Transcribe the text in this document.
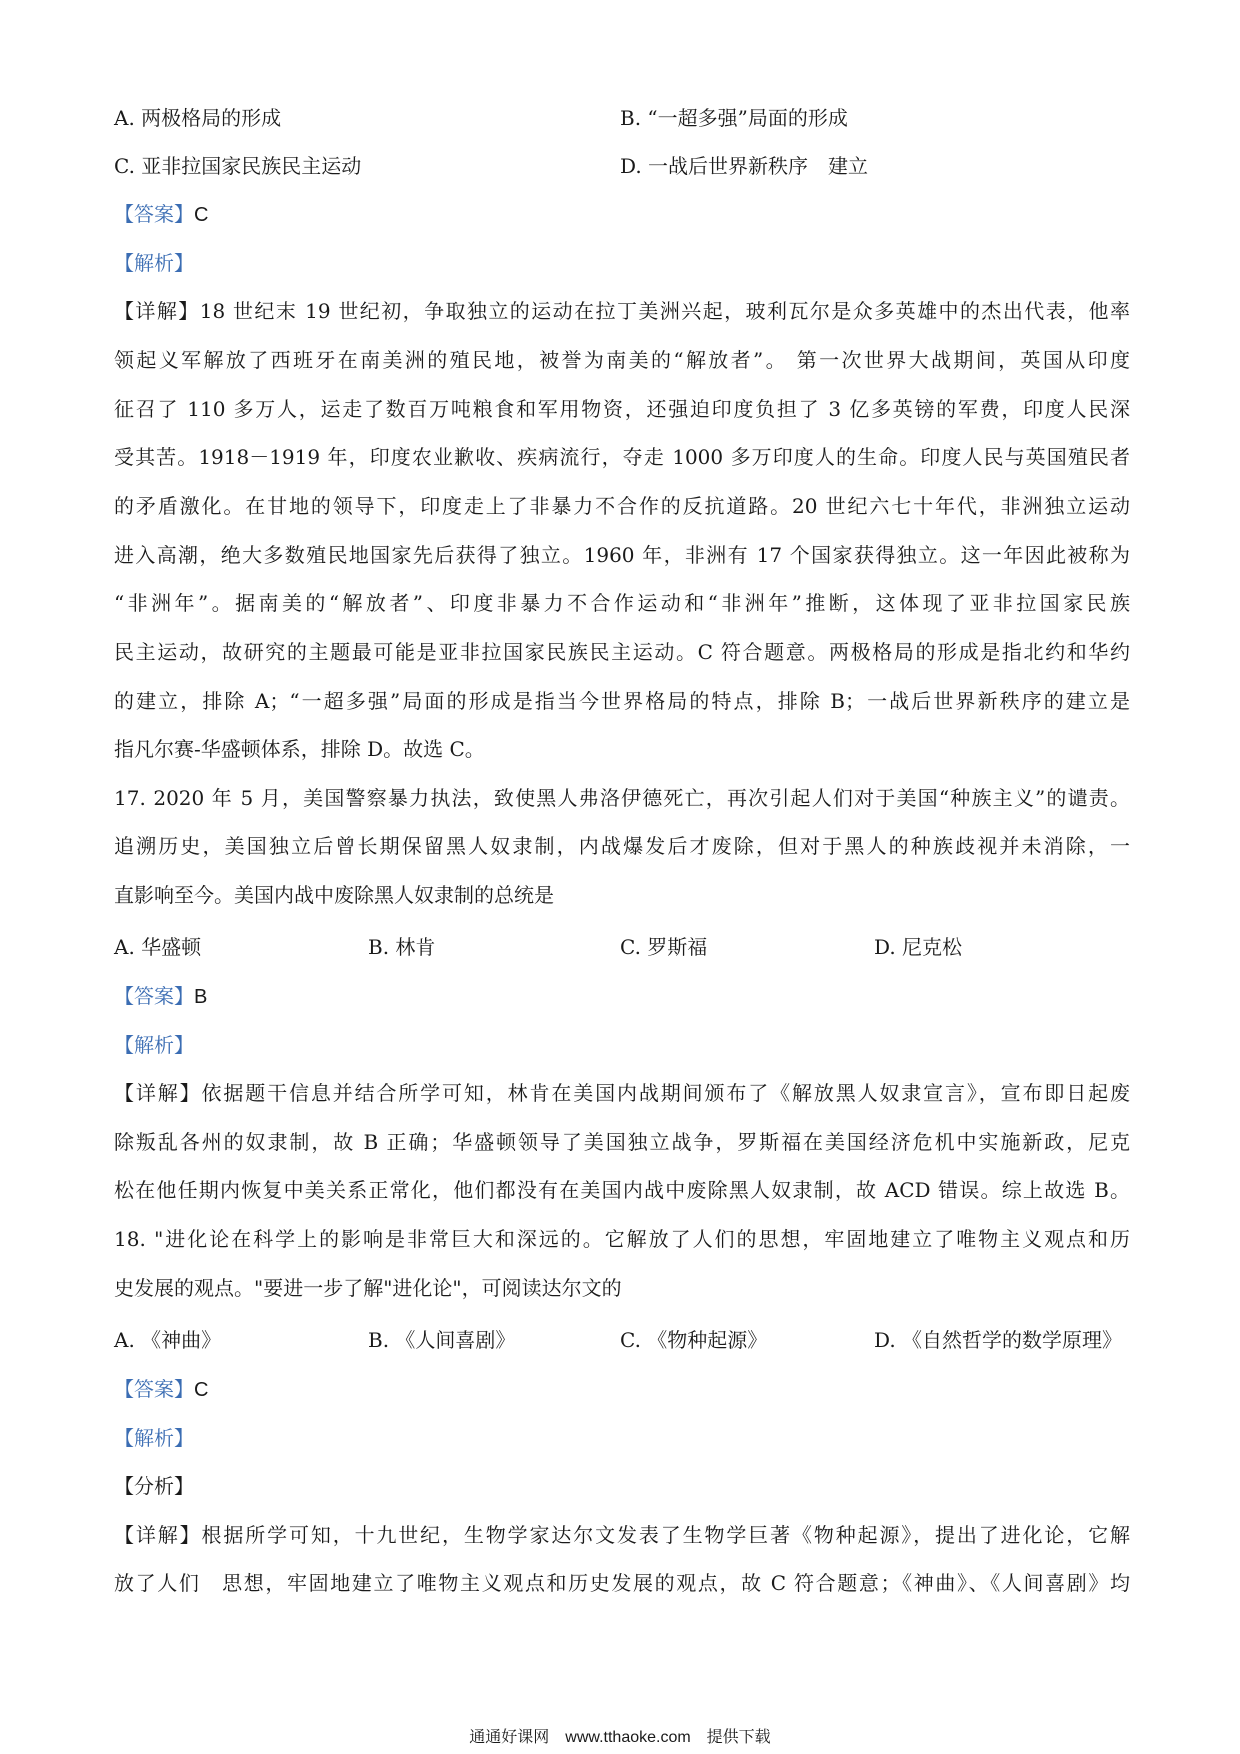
A. 两极格局的形成	B. “一超多强”局面的形成
C. 亚非拉国家民族民主运动	D. 一战后世界新秩序　建立
【答案】C
【解析】
【详解】18 世纪末 19 世纪初，争取独立的运动在拉丁美洲兴起，玻利瓦尔是众多英雄中的杰出代表，他率
领起义军解放了西班牙在南美洲的殖民地，被誉为南美的“解放者”。 第一次世界大战期间，英国从印度
征召了 110 多万人，运走了数百万吨粮食和军用物资，还强迫印度负担了 3 亿多英镑的军费，印度人民深
受其苦。1918－1919 年，印度农业歉收、疾病流行，夺走 1000 多万印度人的生命。印度人民与英国殖民者
的矛盾激化。在甘地的领导下，印度走上了非暴力不合作的反抗道路。20 世纪六七十年代，非洲独立运动
进入高潮，绝大多数殖民地国家先后获得了独立。1960 年，非洲有 17 个国家获得独立。这一年因此被称为
“非洲年”。据南美的“解放者”、印度非暴力不合作运动和“非洲年”推断，这体现了亚非拉国家民族
民主运动，故研究的主题最可能是亚非拉国家民族民主运动。C 符合题意。两极格局的形成是指北约和华约
的建立，排除 A；“一超多强”局面的形成是指当今世界格局的特点，排除 B；一战后世界新秩序的建立是
指凡尔赛-华盛顿体系，排除 D。故选 C。
17. 2020 年 5 月，美国警察暴力执法，致使黑人弗洛伊德死亡，再次引起人们对于美国“种族主义”的谴责。
追溯历史，美国独立后曾长期保留黑人奴隶制，内战爆发后才废除，但对于黑人的种族歧视并未消除，一
直影响至今。美国内战中废除黑人奴隶制的总统是
A. 华盛顿	B. 林肯	C. 罗斯福	D. 尼克松
【答案】B
【解析】
【详解】依据题干信息并结合所学可知，林肯在美国内战期间颁布了《解放黑人奴隶宣言》，宣布即日起废
除叛乱各州的奴隶制，故 B 正确；华盛顿领导了美国独立战争，罗斯福在美国经济危机中实施新政，尼克
松在他任期内恢复中美关系正常化，他们都没有在美国内战中废除黑人奴隶制，故 ACD 错误。综上故选 B。
18. "进化论在科学上的影响是非常巨大和深远的。它解放了人们的思想，牢固地建立了唯物主义观点和历
史发展的观点。"要进一步了解"进化论"，可阅读达尔文的
A. 《神曲》	B. 《人间喜剧》	C. 《物种起源》	D. 《自然哲学的数学原理》
【答案】C
【解析】
【分析】
【详解】根据所学可知，十九世纪，生物学家达尔文发表了生物学巨著《物种起源》，提出了进化论，它解
放了人们　思想，牢固地建立了唯物主义观点和历史发展的观点，故 C 符合题意；《神曲》、《人间喜剧》均
通通好课网　www.tthaoke.com　提供下载
